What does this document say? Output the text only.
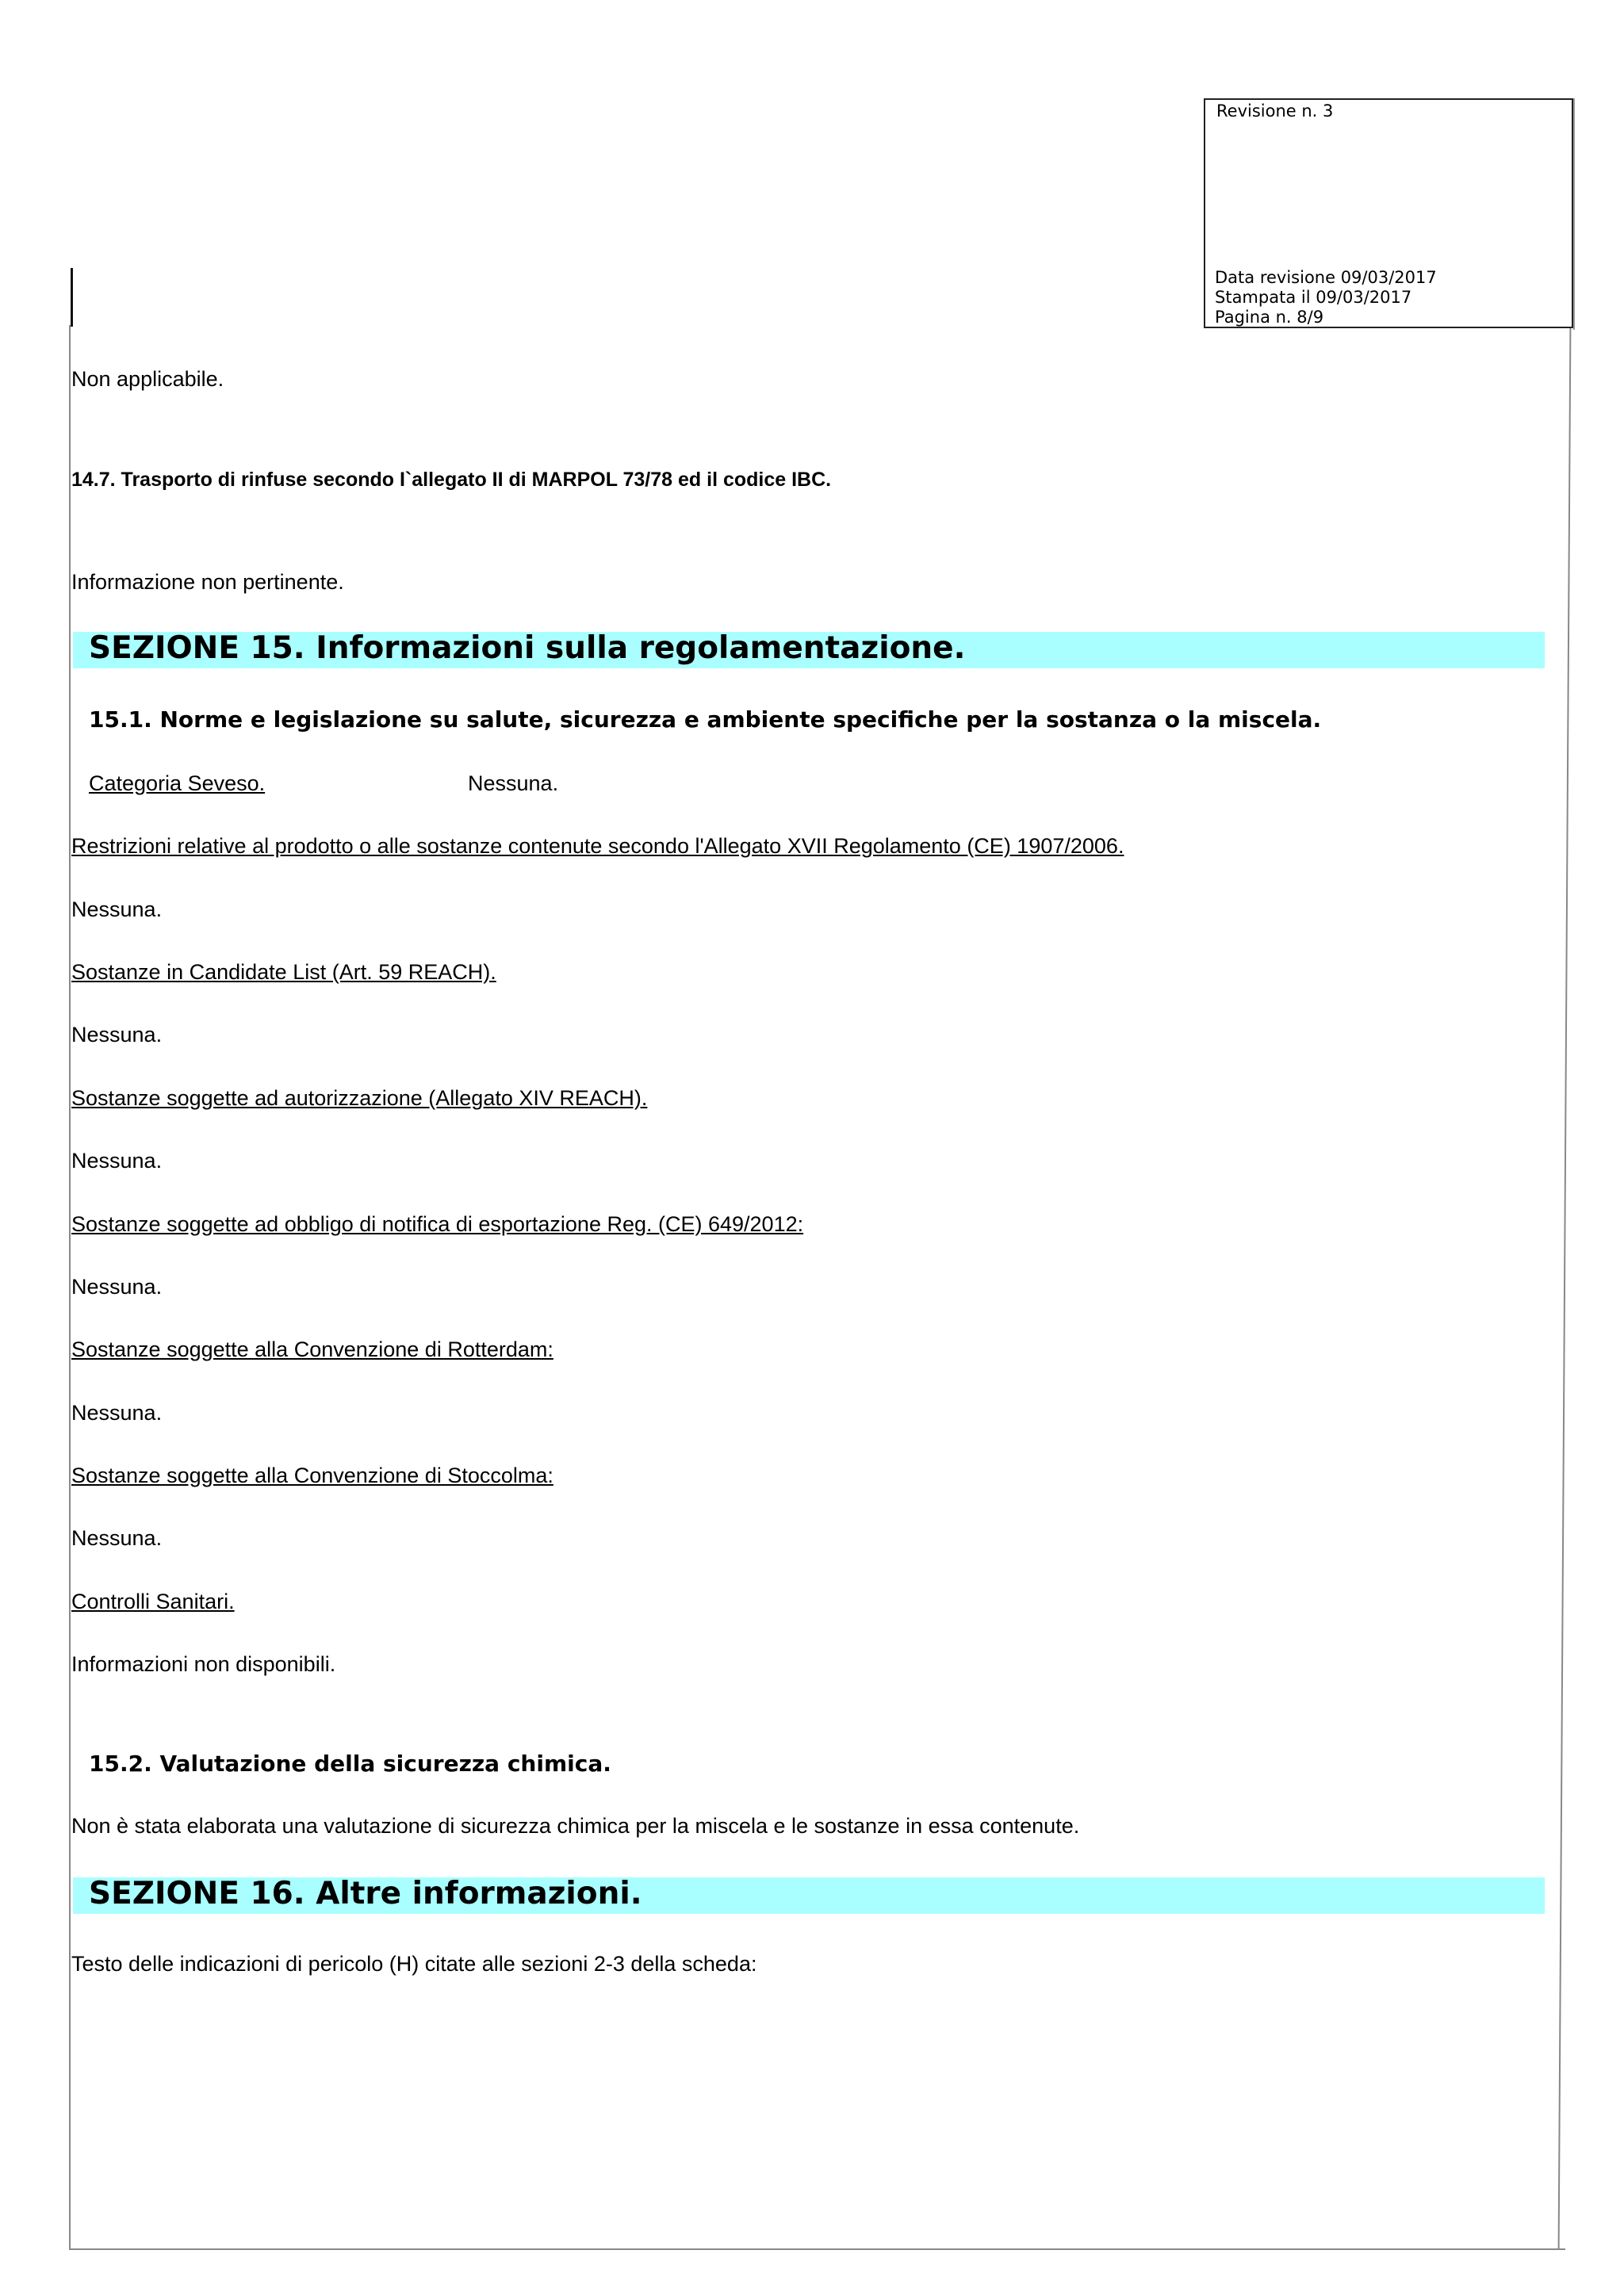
Revisione n. 3
Data revisione 09/03/2017
Stampata il 09/03/2017
Pagina n. 8/9
Non applicabile.
14.7. Trasporto di rinfuse secondo I`allegato II di MARPOL 73/78 ed il codice IBC.
Informazione non pertinente.
SEZIONE 15. Informazioni sulla regolamentazione.
15.1. Norme e legislazione su salute, sicurezza e ambiente specifiche per la sostanza o la miscela.
Categoria Seveso.	Nessuna.
Restrizioni relative al prodotto o alle sostanze contenute secondo l'Allegato XVII Regolamento (CE) 1907/2006.
Nessuna.
Sostanze in Candidate List (Art. 59 REACH).
Nessuna.
Sostanze soggette ad autorizzazione (Allegato XIV REACH).
Nessuna.
Sostanze soggette ad obbligo di notifica di esportazione Reg. (CE) 649/2012:
Nessuna.
Sostanze soggette alla Convenzione di Rotterdam:
Nessuna.
Sostanze soggette alla Convenzione di Stoccolma:
Nessuna.
Controlli Sanitari.
Informazioni non disponibili.
15.2. Valutazione della sicurezza chimica.
Non è stata elaborata una valutazione di sicurezza chimica per la miscela e le sostanze in essa contenute.
SEZIONE 16. Altre informazioni.
Testo delle indicazioni di pericolo (H) citate alle sezioni 2-3 della scheda:
